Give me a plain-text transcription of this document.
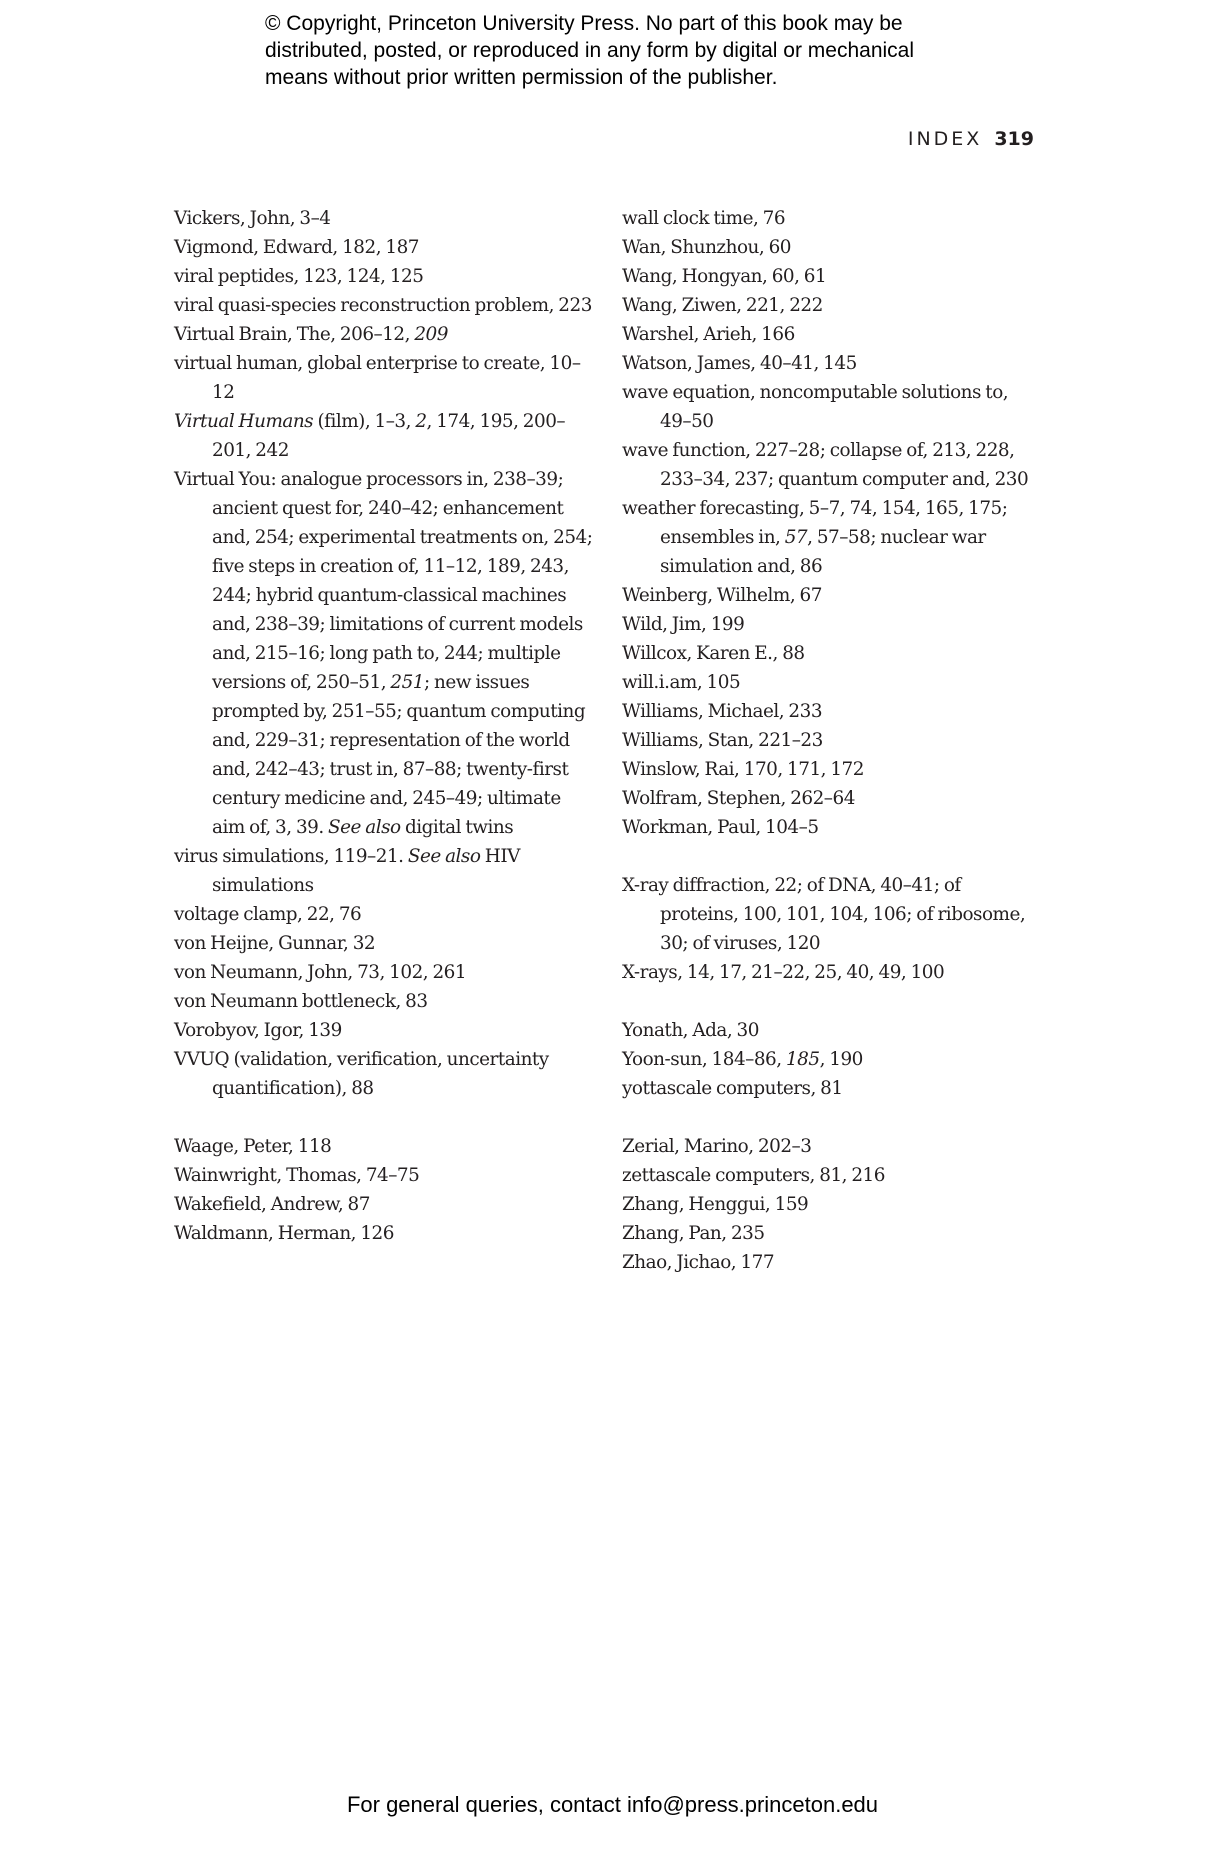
© Copyright, Princeton University Press. No part of this book may be
distributed, posted, or reproduced in any form by digital or mechanical
means without prior written permission of the publisher.
INDEX 319
Vickers, John, 3–4
Vigmond, Edward, 182, 187
viral peptides, 123, 124, 125
viral quasi-species reconstruction problem, 223
Virtual Brain, The, 206–12, 209
virtual human, global enterprise to create, 10–12
Virtual Humans (film), 1–3, 2, 174, 195, 200–201, 242
Virtual You: analogue processors in, 238–39; ancient quest for, 240–42; enhancement and, 254; experimental treatments on, 254; five steps in creation of, 11–12, 189, 243, 244; hybrid quantum-classical machines and, 238–39; limitations of current models and, 215–16; long path to, 244; multiple versions of, 250–51, 251; new issues prompted by, 251–55; quantum computing and, 229–31; representation of the world and, 242–43; trust in, 87–88; twenty-first century medicine and, 245–49; ultimate aim of, 3, 39. See also digital twins
virus simulations, 119–21. See also HIV simulations
voltage clamp, 22, 76
von Heijne, Gunnar, 32
von Neumann, John, 73, 102, 261
von Neumann bottleneck, 83
Vorobyov, Igor, 139
VVUQ (validation, verification, uncertainty quantification), 88
Waage, Peter, 118
Wainwright, Thomas, 74–75
Wakefield, Andrew, 87
Waldmann, Herman, 126
wall clock time, 76
Wan, Shunzhou, 60
Wang, Hongyan, 60, 61
Wang, Ziwen, 221, 222
Warshel, Arieh, 166
Watson, James, 40–41, 145
wave equation, noncomputable solutions to, 49–50
wave function, 227–28; collapse of, 213, 228, 233–34, 237; quantum computer and, 230
weather forecasting, 5–7, 74, 154, 165, 175; ensembles in, 57, 57–58; nuclear war simulation and, 86
Weinberg, Wilhelm, 67
Wild, Jim, 199
Willcox, Karen E., 88
will.i.am, 105
Williams, Michael, 233
Williams, Stan, 221–23
Winslow, Rai, 170, 171, 172
Wolfram, Stephen, 262–64
Workman, Paul, 104–5
X-ray diffraction, 22; of DNA, 40–41; of proteins, 100, 101, 104, 106; of ribosome, 30; of viruses, 120
X-rays, 14, 17, 21–22, 25, 40, 49, 100
Yonath, Ada, 30
Yoon-sun, 184–86, 185, 190
yottascale computers, 81
Zerial, Marino, 202–3
zettascale computers, 81, 216
Zhang, Henggui, 159
Zhang, Pan, 235
Zhao, Jichao, 177
For general queries, contact info@press.princeton.edu
